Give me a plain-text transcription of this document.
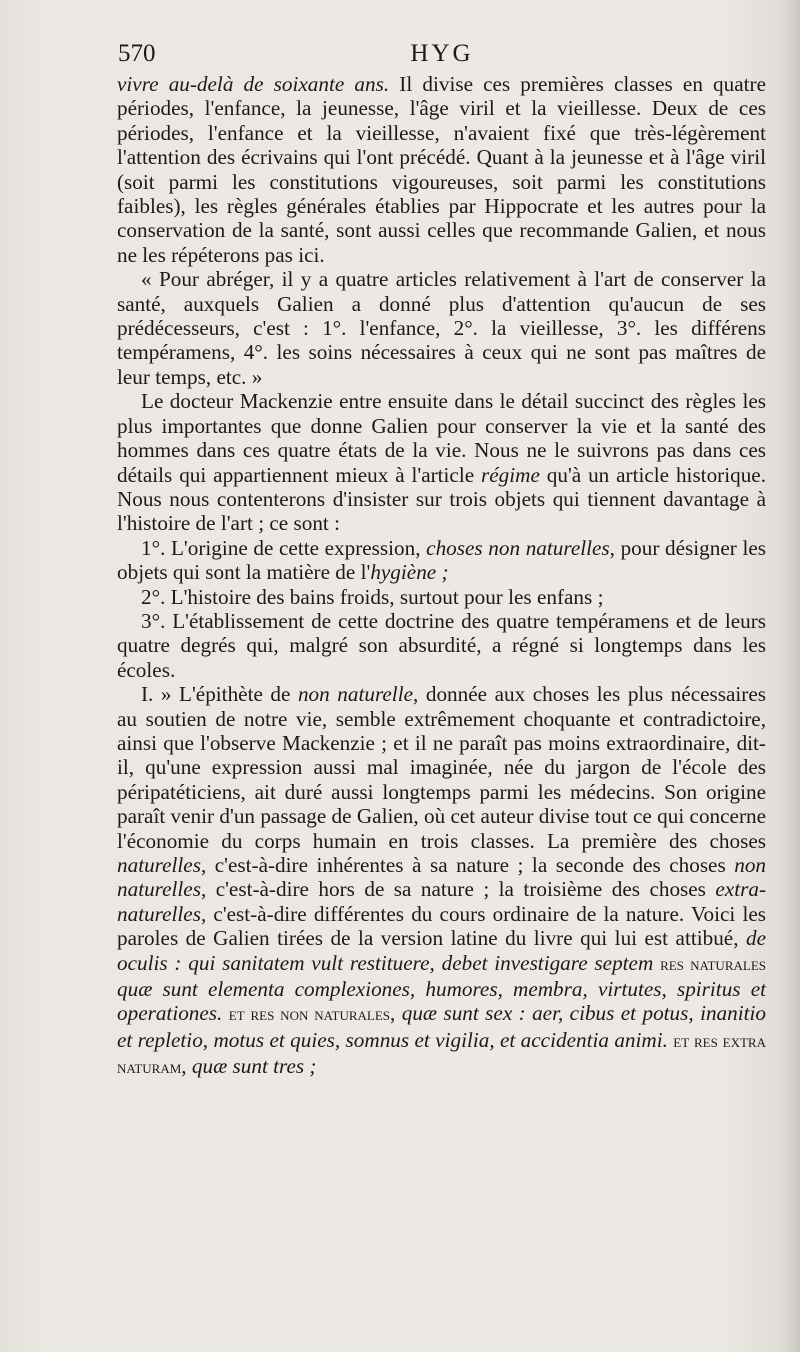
570	HYG

vivre au-delà de soixante ans. Il divise ces premières classes en quatre périodes, l'enfance, la jeunesse, l'âge viril et la vieillesse. Deux de ces périodes, l'enfance et la vieillesse, n'avaient fixé que très-légèrement l'attention des écrivains qui l'ont précédé. Quant à la jeunesse et à l'âge viril (soit parmi les constitutions vigoureuses, soit parmi les constitutions faibles), les règles générales établies par Hippocrate et les autres pour la conservation de la santé, sont aussi celles que recommande Galien, et nous ne les répéterons pas ici.

« Pour abréger, il y a quatre articles relativement à l'art de conserver la santé, auxquels Galien a donné plus d'attention qu'aucun de ses prédécesseurs, c'est : 1°. l'enfance, 2°. la vieillesse, 3°. les différens tempéramens, 4°. les soins nécessaires à ceux qui ne sont pas maîtres de leur temps, etc. »

Le docteur Mackenzie entre ensuite dans le détail succinct des règles les plus importantes que donne Galien pour conserver la vie et la santé des hommes dans ces quatre états de la vie. Nous ne le suivrons pas dans ces détails qui appartiennent mieux à l'article régime qu'à un article historique. Nous nous contenterons d'insister sur trois objets qui tiennent davantage à l'histoire de l'art ; ce sont :

1°. L'origine de cette expression, choses non naturelles, pour désigner les objets qui sont la matière de l'hygiène ;

2°. L'histoire des bains froids, surtout pour les enfans ;

3°. L'établissement de cette doctrine des quatre tempéramens et de leurs quatre degrés qui, malgré son absurdité, a régné si longtemps dans les écoles.

I. » L'épithète de non naturelle, donnée aux choses les plus nécessaires au soutien de notre vie, semble extrêmement choquante et contradictoire, ainsi que l'observe Mackenzie ; et il ne paraît pas moins extraordinaire, dit-il, qu'une expression aussi mal imaginée, née du jargon de l'école des péripatéticiens, ait duré aussi longtemps parmi les médecins. Son origine paraît venir d'un passage de Galien, où cet auteur divise tout ce qui concerne l'économie du corps humain en trois classes. La première des choses naturelles, c'est-à-dire inhérentes à sa nature ; la seconde des choses non naturelles, c'est-à-dire hors de sa nature ; la troisième des choses extra-naturelles, c'est-à-dire différentes du cours ordinaire de la nature. Voici les paroles de Galien tirées de la version latine du livre qui lui est attibué, de oculis : qui sanitatem vult restituere, debet investigare septem res naturales quæ sunt elementa complexiones, humores, membra, virtutes, spiritus et operationes. et res non naturales, quæ sunt sex : aer, cibus et potus, inanitio et repletio, motus et quies, somnus et vigilia, et accidentia animi. et res extra naturam, quæ sunt tres ;
